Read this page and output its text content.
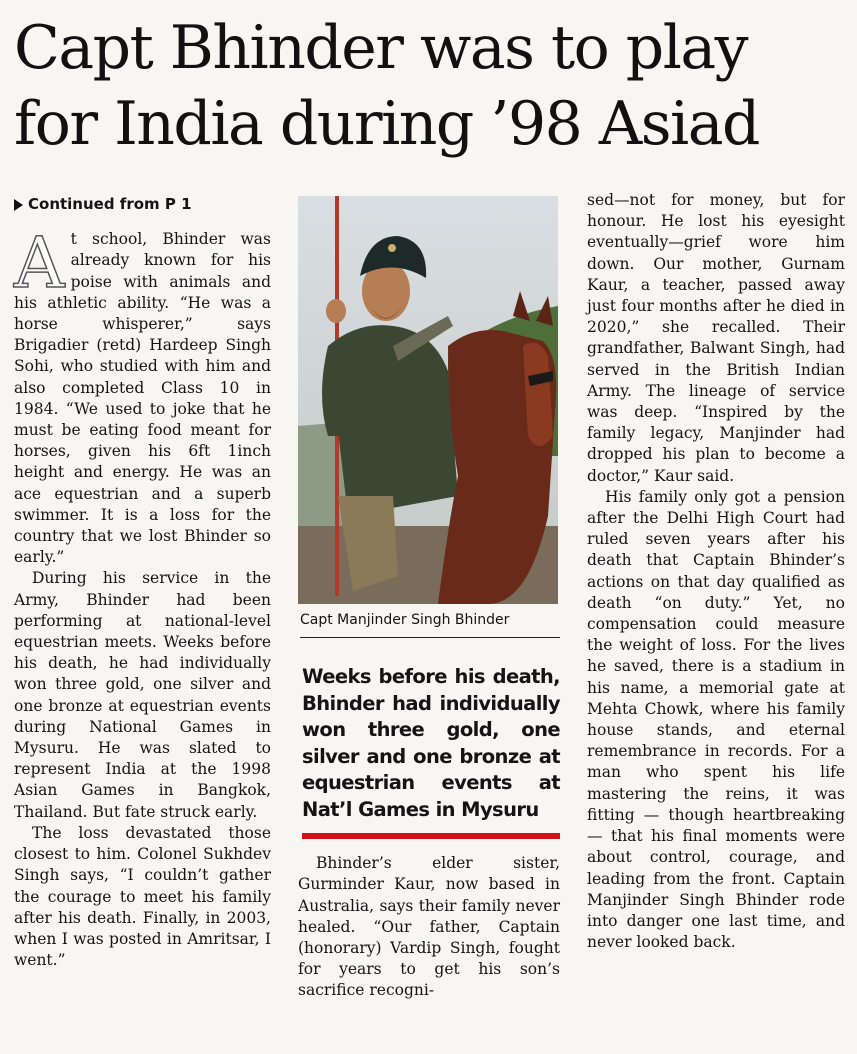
Capt Bhinder was to play
for India during ’98 Asiad
Continued from P 1

At school, Bhinder was already known for his poise with animals and his athletic ability. “He was a horse whisperer,” says Brigadier (retd) Hardeep Singh Sohi, who studied with him and also completed Class 10 in 1984. “We used to joke that he must be eating food meant for horses, given his 6ft 1inch height and energy. He was an ace equestrian and a superb swimmer. It is a loss for the country that we lost Bhinder so early.”

During his service in the Army, Bhinder had been performing at national-level equestrian meets. Weeks before his death, he had individually won three gold, one silver and one bronze at equestrian events during National Games in Mysuru. He was slated to represent India at the 1998 Asian Games in Bangkok, Thailand. But fate struck early.

The loss devastated those closest to him. Colonel Sukhdev Singh says, “I couldn’t gather the courage to meet his family after his death. Finally, in 2003, when I was posted in Amritsar, I went.”

Capt Manjinder Singh Bhinder
Weeks before his death, Bhinder had individually won three gold, one silver and one bronze at equestrian events at Nat’l Games in Mysuru

Bhinder’s elder sister, Gurminder Kaur, now based in Australia, says their family never healed. “Our father, Captain (honorary) Vardip Singh, fought for years to get his son’s sacrifice recogni-

sed—not for money, but for honour. He lost his eyesight eventually—grief wore him down. Our mother, Gurnam Kaur, a teacher, passed away just four months after he died in 2020,” she recalled. Their grandfather, Balwant Singh, had served in the British Indian Army. The lineage of service was deep. “Inspired by the family legacy, Manjinder had dropped his plan to become a doctor,” Kaur said.

His family only got a pension after the Delhi High Court had ruled seven years after his death that Captain Bhinder’s actions on that day qualified as death “on duty.” Yet, no compensation could measure the weight of loss. For the lives he saved, there is a stadium in his name, a memorial gate at Mehta Chowk, where his family house stands, and eternal remembrance in records. For a man who spent his life mastering the reins, it was fitting — though heartbreaking— that his final moments were about control, courage, and leading from the front. Captain Manjinder Singh Bhinder rode into danger one last time, and never looked back.
